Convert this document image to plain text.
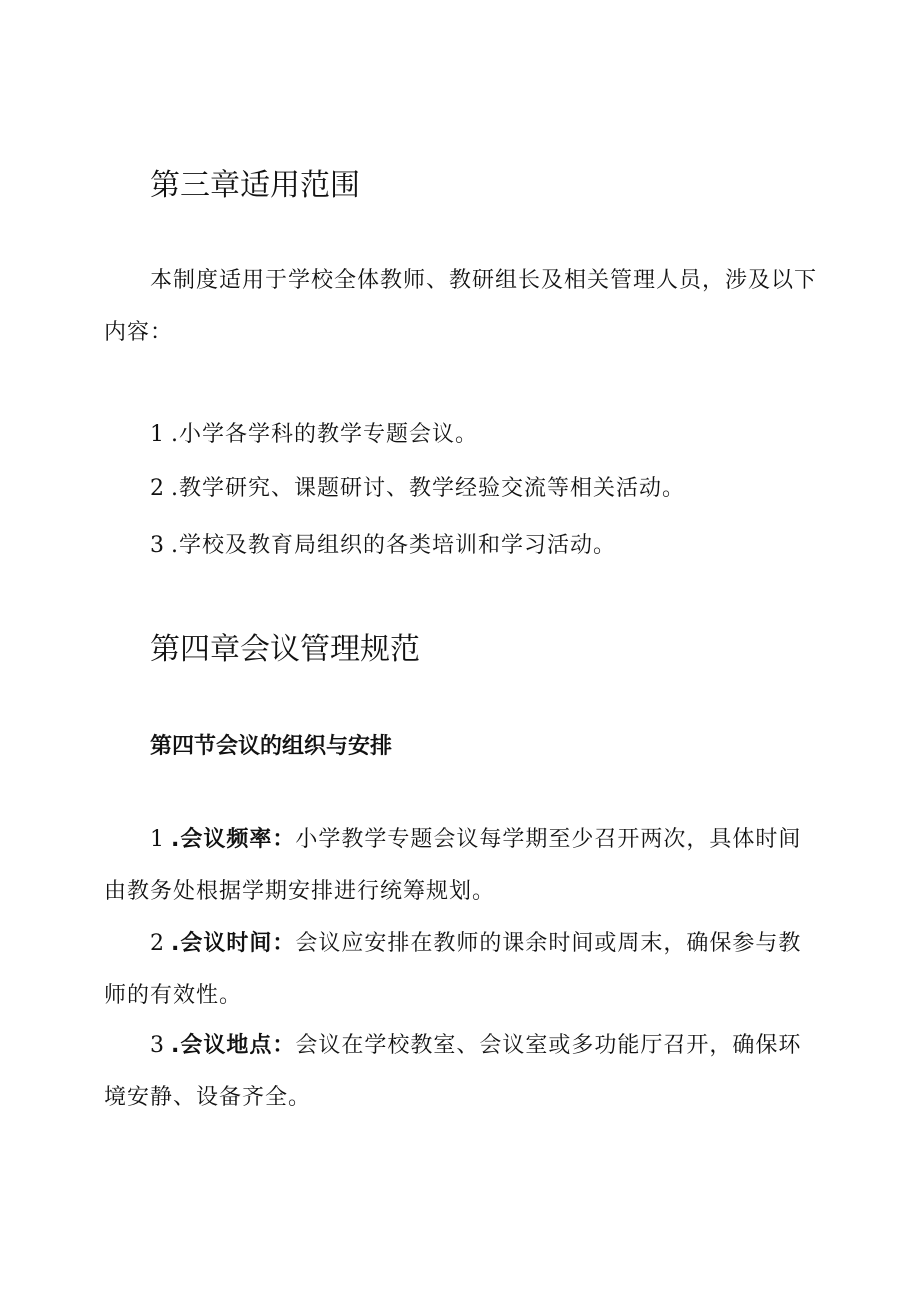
第三章适用范围

本制度适用于学校全体教师、教研组长及相关管理人员，涉及以下内容：

1 .小学各学科的教学专题会议。

2 .教学研究、课题研讨、教学经验交流等相关活动。

3 .学校及教育局组织的各类培训和学习活动。

第四章会议管理规范
第四节会议的组织与安排

1 .会议频率：小学教学专题会议每学期至少召开两次，具体时间由教务处根据学期安排进行统筹规划。

2 .会议时间：会议应安排在教师的课余时间或周末，确保参与教师的有效性。

3 .会议地点：会议在学校教室、会议室或多功能厅召开，确保环境安静、设备齐全。
